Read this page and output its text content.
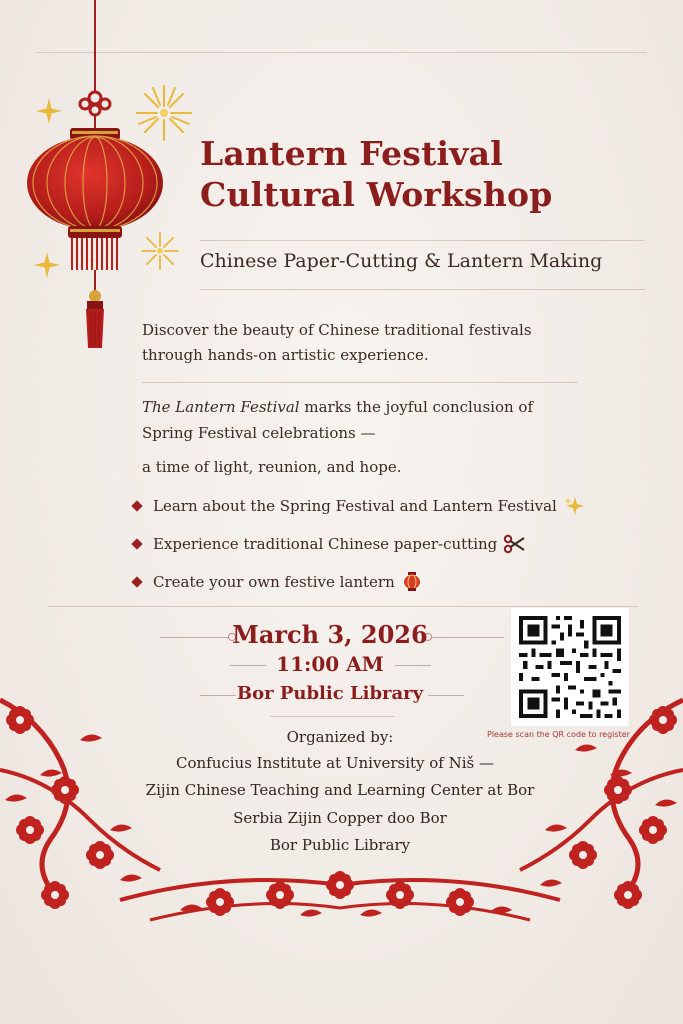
Lantern Festival
Cultural Workshop
Chinese Paper-Cutting & Lantern Making
Discover the beauty of Chinese traditional festivals
through hands-on artistic experience.
The Lantern Festival marks the joyful conclusion of
Spring Festival celebrations —
a time of light, reunion, and hope.
Learn about the Spring Festival and Lantern Festival
Experience traditional Chinese paper-cutting
Create your own festive lantern
March 3, 2026
11:00 AM
Bor Public Library
Organized by:
Confucius Institute at University of Niš —
Zijin Chinese Teaching and Learning Center at Bor
Serbia Zijin Copper doo Bor
Bor Public Library
Please scan the QR code to register
